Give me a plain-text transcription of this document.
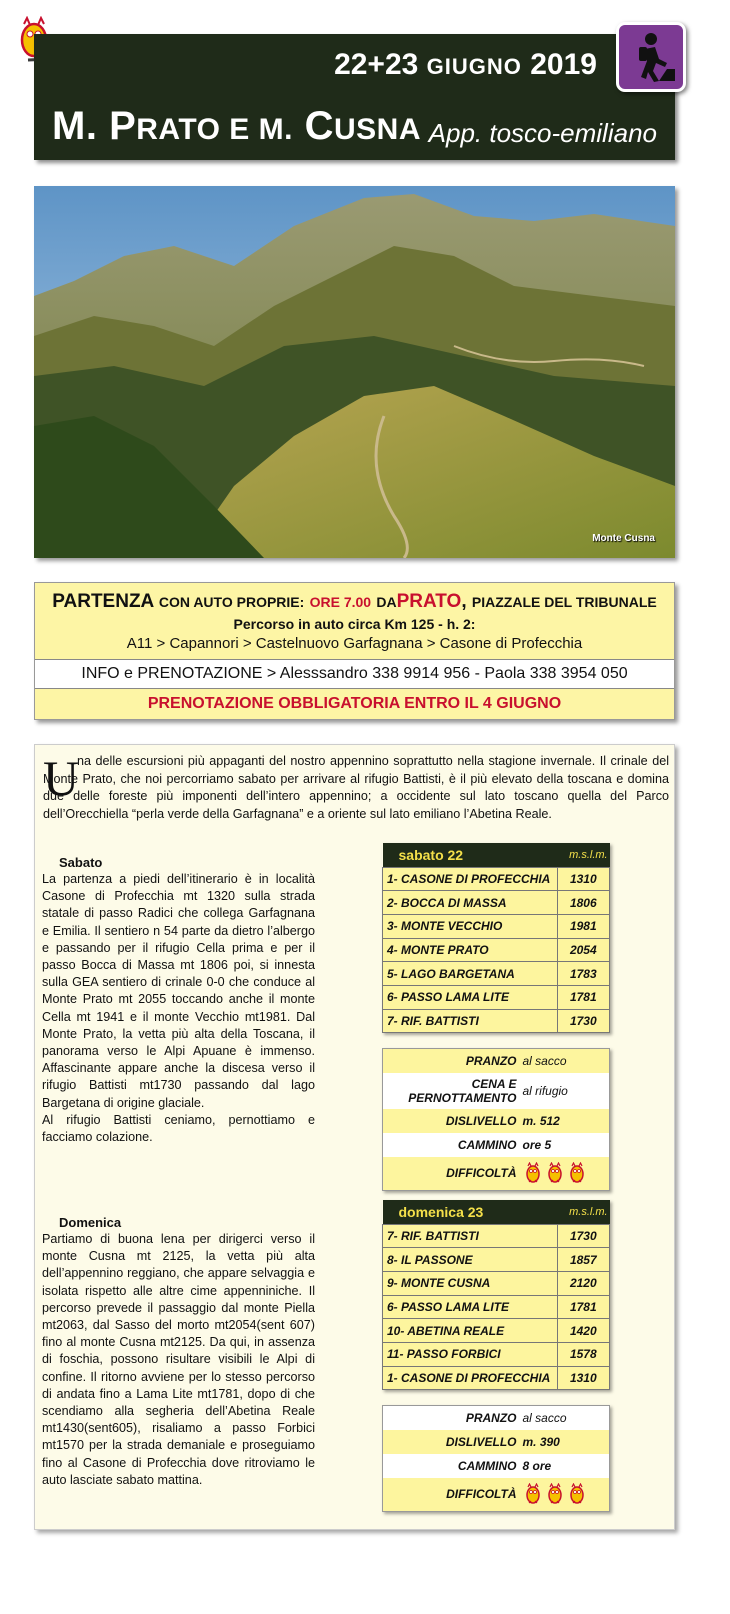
22+23 GIUGNO 2019
M. PRATO E M. CUSNA App. tosco-emiliano
Monte Cusna
PARTENZA CON AUTO PROPRIE: ORE 7.00 DAPRATO, PIAZZALE DEL TRIBUNALE
Percorso in auto circa Km 125 - h. 2:
A11 > Capannori > Castelnuovo Garfagnana > Casone di Profecchia
INFO e PRENOTAZIONE > Alesssandro 338 9914 956 - Paola 338 3954 050
PRENOTAZIONE OBBLIGATORIA ENTRO IL 4 GIUGNO
U
na delle escursioni più appaganti del nostro appennino soprattutto nella stagione invernale. Il crinale del Monte Prato, che noi percorriamo sabato per arrivare al rifugio Battisti, è il più elevato della toscana e domina due delle foreste più imponenti dell’intero appennino; a occidente sul lato toscano quella del Parco dell’Orecchiella “perla verde della Garfagnana” e a oriente sul lato emiliano l’Abetina Reale.
Sabato
La partenza a piedi dell’itinerario è in località Casone di Profecchia mt 1320 sulla strada statale di passo Radici che collega Garfagnana e Emilia. Il sentiero n 54 parte da dietro l’albergo e passando per il rifugio Cella prima e per il passo Bocca di Massa mt 1806 poi, si innesta sulla GEA sentiero di crinale 0-0 che conduce al Monte Prato mt 2055 toccando anche il monte Cella mt 1941 e il monte Vecchio mt1981. Dal Monte Prato, la vetta più alta della Toscana, il panorama verso le Alpi Apuane è immenso. Affascinante appare anche la discesa verso il rifugio Battisti mt1730 passando dal lago Bargetana di origine glaciale.
Al rifugio Battisti ceniamo, pernottiamo e facciamo colazione.
sabato 22	m.s.l.m.
1- CASONE DI PROFECCHIA	1310
2- BOCCA DI MASSA	1806
3- MONTE VECCHIO	1981
4- MONTE PRATO	2054
5- LAGO BARGETANA	1783
6- PASSO LAMA LITE	1781
7- RIF. BATTISTI	1730
PRANZO	al sacco
CENA E PERNOTTAMENTO	al rifugio
DISLIVELLO	m. 512
CAMMINO	ore 5
DIFFICOLTÀ	
Domenica
Partiamo di buona lena per dirigerci verso il monte Cusna mt 2125, la vetta più alta dell’appennino reggiano, che appare selvaggia e isolata rispetto alle altre cime appenniniche. Il percorso prevede il passaggio dal monte Piella mt2063, dal Sasso del morto mt2054(sent 607) fino al monte Cusna mt2125. Da qui, in assenza di foschia, possono risultare visibili le Alpi di confine. Il ritorno avviene per lo stesso percorso di andata fino a Lama Lite mt1781, dopo di che scendiamo alla segheria dell’Abetina Reale mt1430(sent605), risaliamo a passo Forbici mt1570 per la strada demaniale e proseguiamo fino al Casone di Profecchia dove ritroviamo le auto lasciate sabato mattina.
domenica 23	m.s.l.m.
7- RIF. BATTISTI	1730
8- IL PASSONE	1857
9- MONTE CUSNA	2120
6- PASSO LAMA LITE	1781
10- ABETINA REALE	1420
11- PASSO FORBICI	1578
1- CASONE DI PROFECCHIA	1310
PRANZO	al sacco
DISLIVELLO	m. 390
CAMMINO	8 ore
DIFFICOLTÀ	
